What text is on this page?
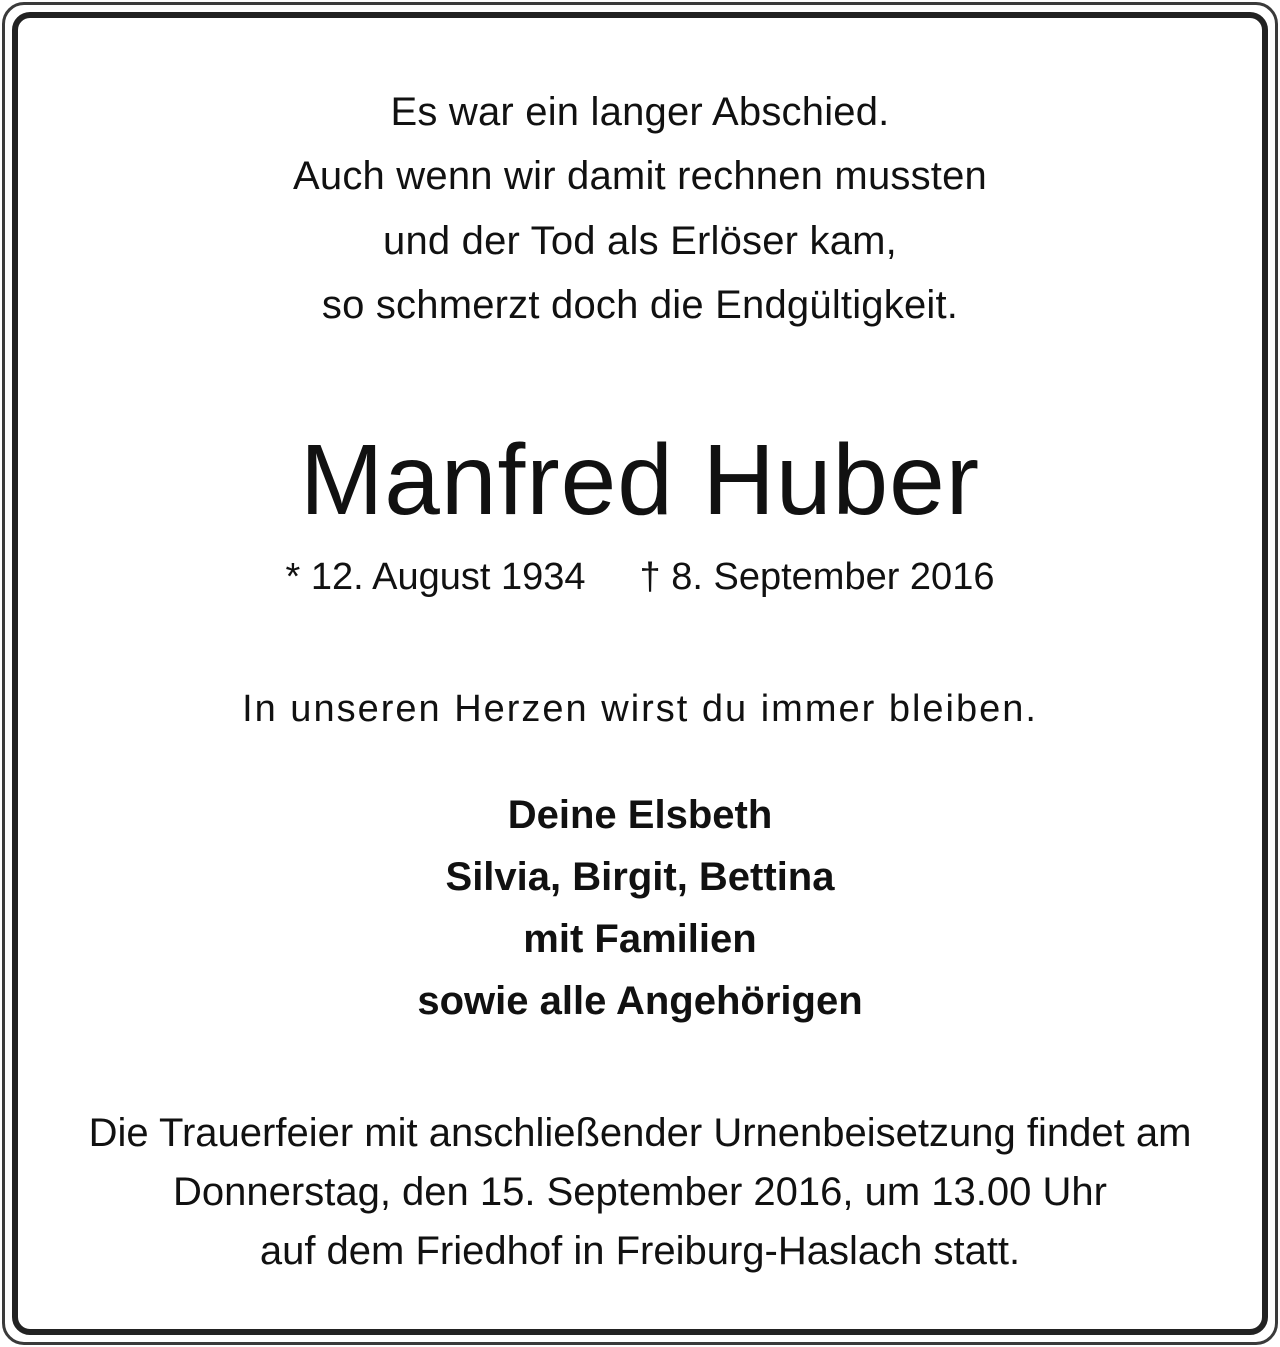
Es war ein langer Abschied.
Auch wenn wir damit rechnen mussten
und der Tod als Erlöser kam,
so schmerzt doch die Endgültigkeit.
Manfred Huber
* 12. August 1934 † 8. September 2016
In unseren Herzen wirst du immer bleiben.
Deine Elsbeth
Silvia, Birgit, Bettina
mit Familien
sowie alle Angehörigen
Die Trauerfeier mit anschließender Urnenbeisetzung findet am
Donnerstag, den 15. September 2016, um 13.00 Uhr
auf dem Friedhof in Freiburg-Haslach statt.
